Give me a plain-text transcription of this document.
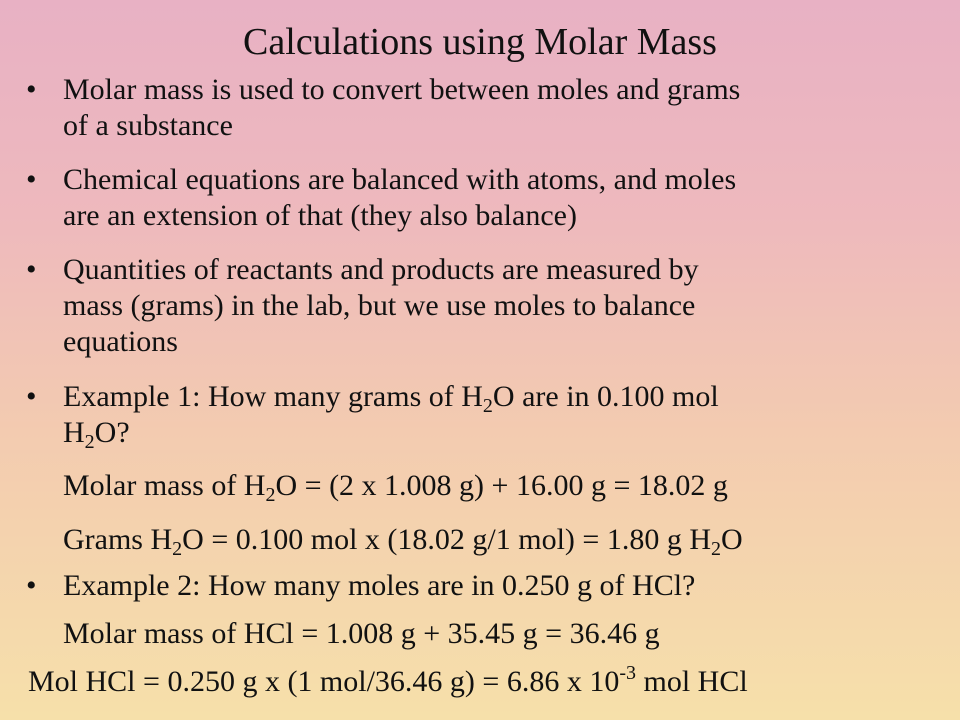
Calculations using Molar Mass
• Molar mass is used to convert between moles and grams
of a substance
• Chemical equations are balanced with atoms, and moles
are an extension of that (they also balance)
• Quantities of reactants and products are measured by
mass (grams) in the lab, but we use moles to balance
equations
• Example 1: How many grams of $H_2O$ are in 0.100 mol
$H_2O$?
Molar mass of $H_2O = (2$ x 1.008 g) + 16.00 g = 18.02 g
Grams $H_2O = 0.100$ mol x (18.02 g/1 mol) = 1.80 g $H_2O$
• Example 2: How many moles are in 0.250 g of HCl?
Molar mass of HCl = 1.008 g + 35.45 g = 36.46 g
Mol HCl = 0.250 g x (1 mol/36.46 g) = 6.86 x $10^{-3}$ mol HCl
